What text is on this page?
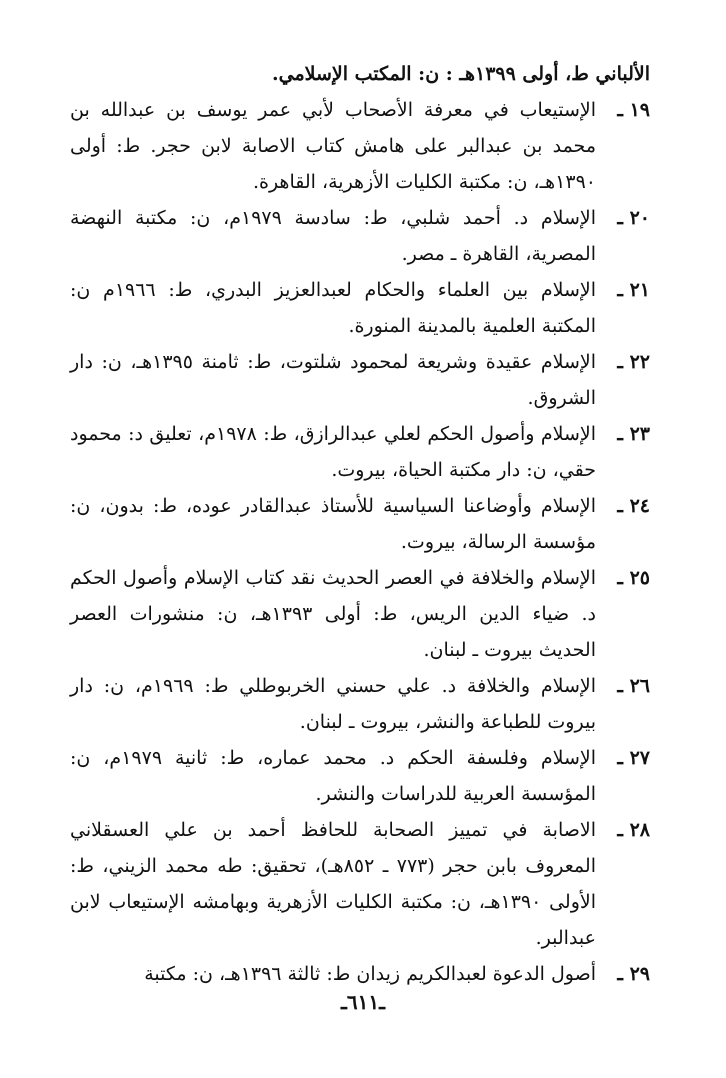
الألباني ط، أولى ١٣٩٩هـ : ن: المكتب الإسلامي.

١٩ ـ
الإستيعاب في معرفة الأصحاب لأبي عمر يوسف بن عبدالله بن محمد بن عبدالبر على هامش كتاب الاصابة لابن حجر. ط: أولى ١٣٩٠هـ، ن: مكتبة الكليات الأزهرية، القاهرة.
٢٠ ـ
الإسلام د. أحمد شلبي، ط: سادسة ١٩٧٩م، ن: مكتبة النهضة المصرية، القاهرة ـ مصر.
٢١ ـ
الإسلام بين العلماء والحكام لعبدالعزيز البدري، ط: ١٩٦٦م ن: المكتبة العلمية بالمدينة المنورة.
٢٢ ـ
الإسلام عقيدة وشريعة لمحمود شلتوت، ط: ثامنة ١٣٩٥هـ، ن: دار الشروق.
٢٣ ـ
الإسلام وأصول الحكم لعلي عبدالرازق، ط: ١٩٧٨م، تعليق د: محمود حقي، ن: دار مكتبة الحياة، بيروت.
٢٤ ـ
الإسلام وأوضاعنا السياسية للأستاذ عبدالقادر عوده، ط: بدون، ن: مؤسسة الرسالة، بيروت.
٢٥ ـ
الإسلام والخلافة في العصر الحديث نقد كتاب الإسلام وأصول الحكم د. ضياء الدين الريس، ط: أولى ١٣٩٣هـ، ن: منشورات العصر الحديث بيروت ـ لبنان.
٢٦ ـ
الإسلام والخلافة د. علي حسني الخربوطلي ط: ١٩٦٩م، ن: دار بيروت للطباعة والنشر، بيروت ـ لبنان.
٢٧ ـ
الإسلام وفلسفة الحكم د. محمد عماره، ط: ثانية ١٩٧٩م، ن: المؤسسة العربية للدراسات والنشر.
٢٨ ـ
الاصابة في تمييز الصحابة للحافظ أحمد بن علي العسقلاني المعروف بابن حجر (٧٧٣ ـ ٨٥٢هـ)، تحقيق: طه محمد الزيني، ط: الأولى ١٣٩٠هـ، ن: مكتبة الكليات الأزهرية وبهامشه الإستيعاب لابن عبدالبر.
٢٩ ـ
أصول الدعوة لعبدالكريم زيدان ط: ثالثة ١٣٩٦هـ، ن: مكتبة
ـ٦١١ـ
